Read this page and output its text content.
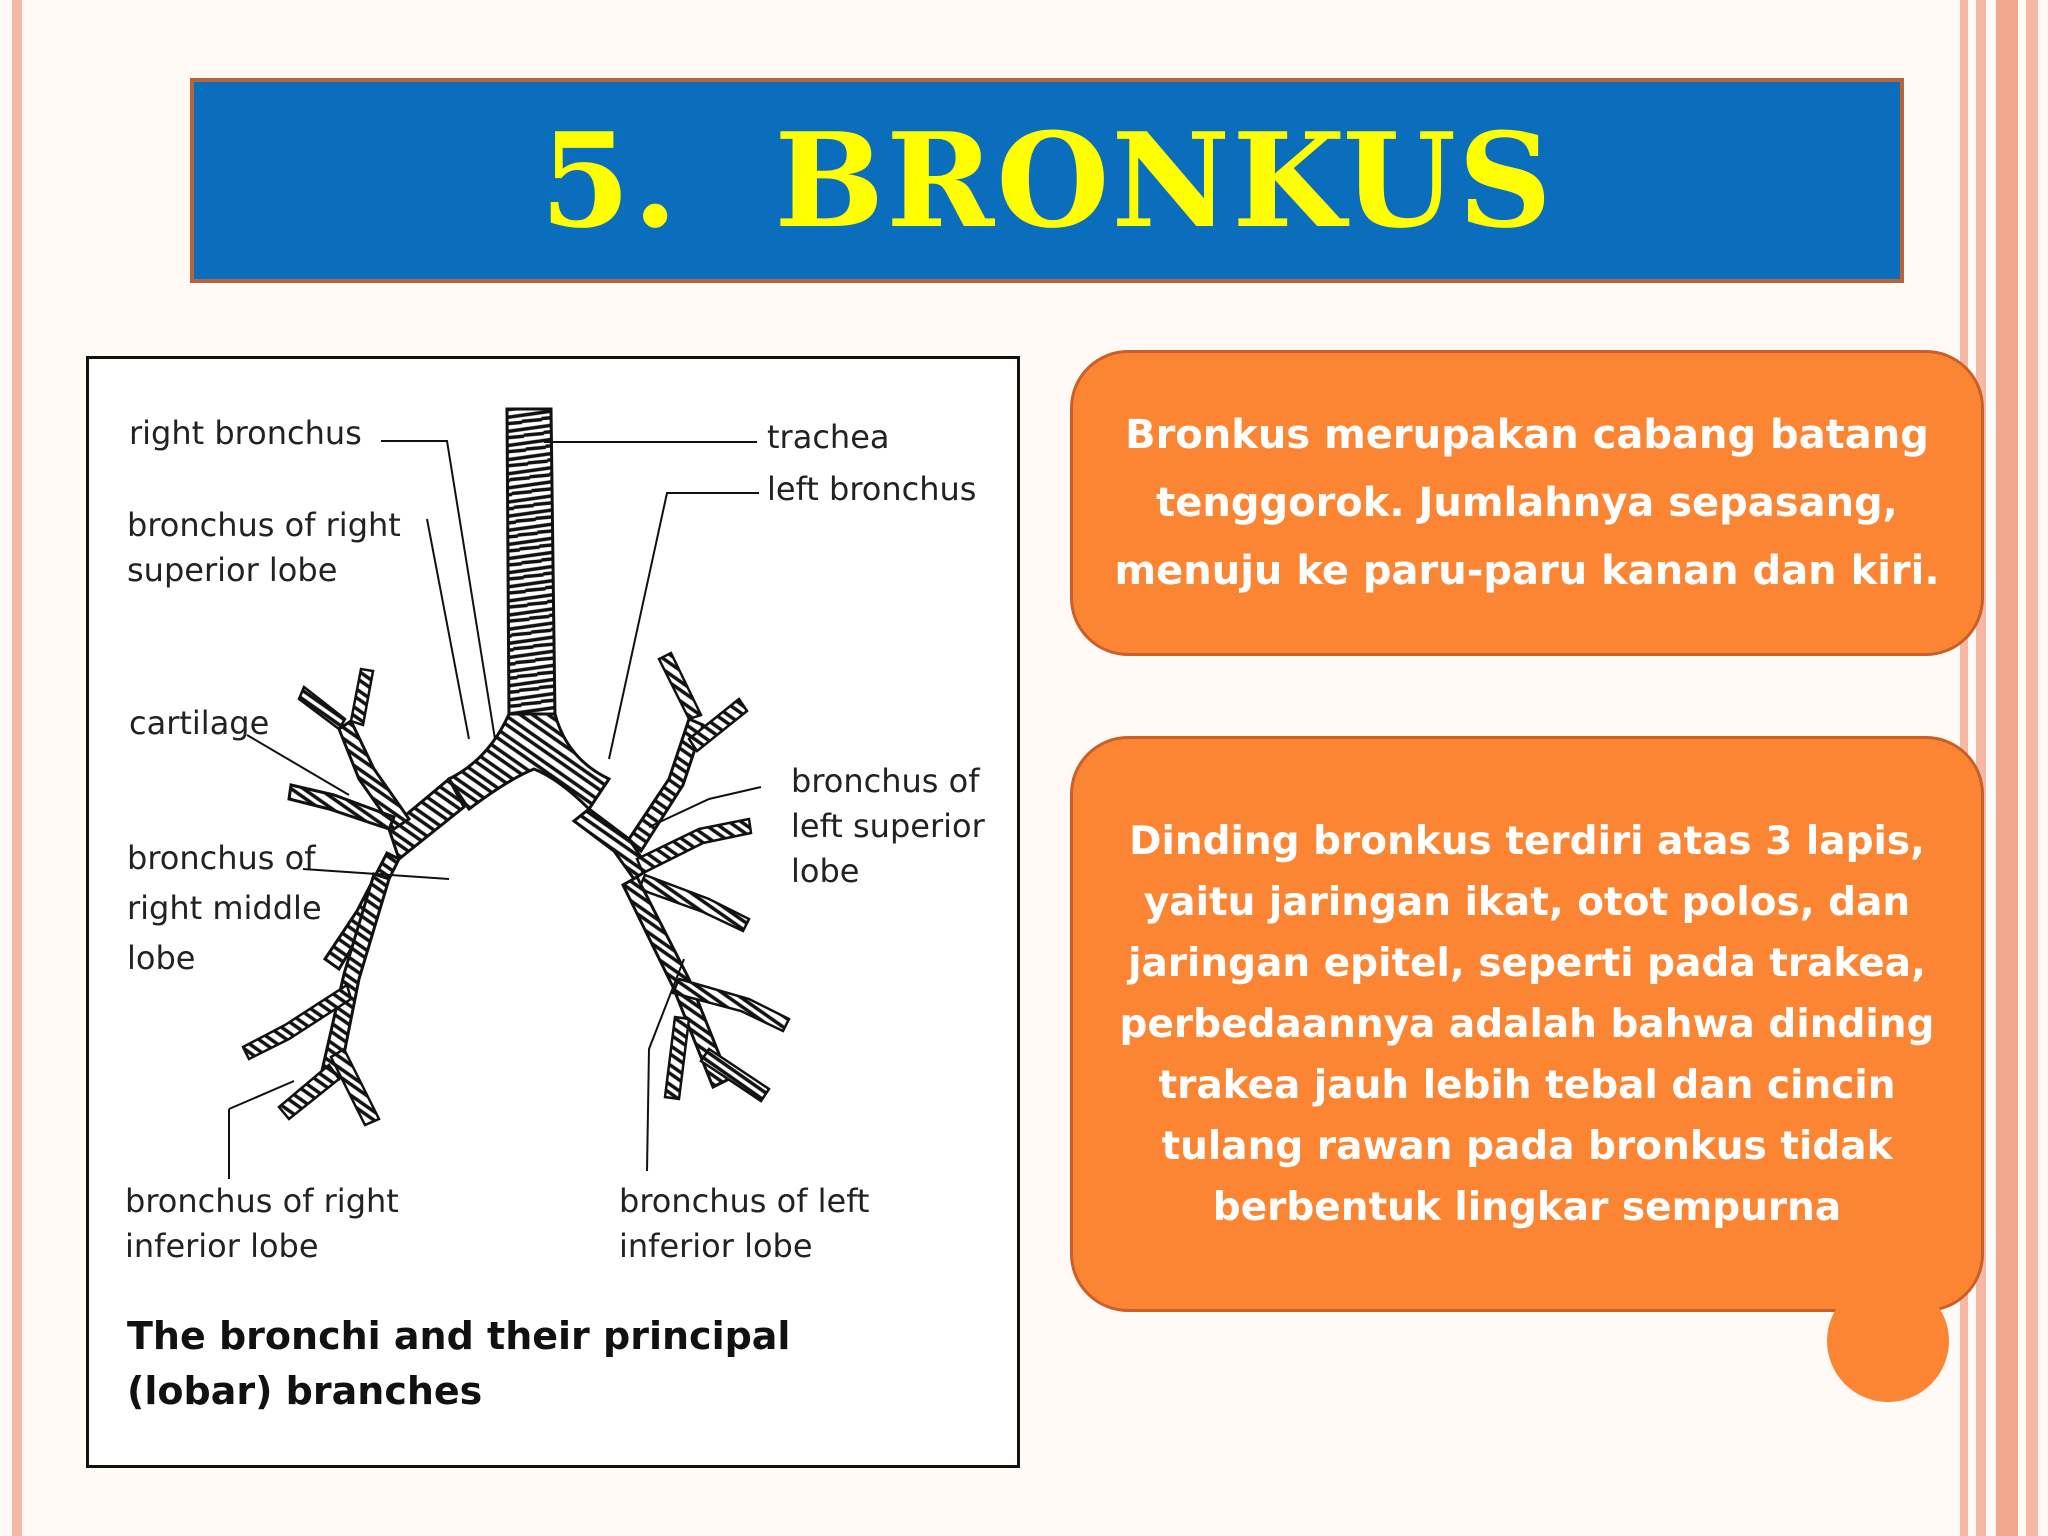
5.  BRONKUS
right bronchus	trachea
left bronchus
bronchus of right
superior lobe
cartilage
bronchus of
left superior
lobe
bronchus of
right middle
lobe
bronchus of right
inferior lobe
bronchus of left
inferior lobe
The bronchi and their principal
(lobar) branches
Bronkus merupakan cabang batang tenggorok. Jumlahnya sepasang, menuju ke paru-paru kanan dan kiri.
Dinding bronkus terdiri atas 3 lapis, yaitu jaringan ikat, otot polos, dan jaringan epitel, seperti pada trakea, perbedaannya adalah bahwa dinding trakea jauh lebih tebal dan cincin tulang rawan pada bronkus tidak berbentuk lingkar sempurna
